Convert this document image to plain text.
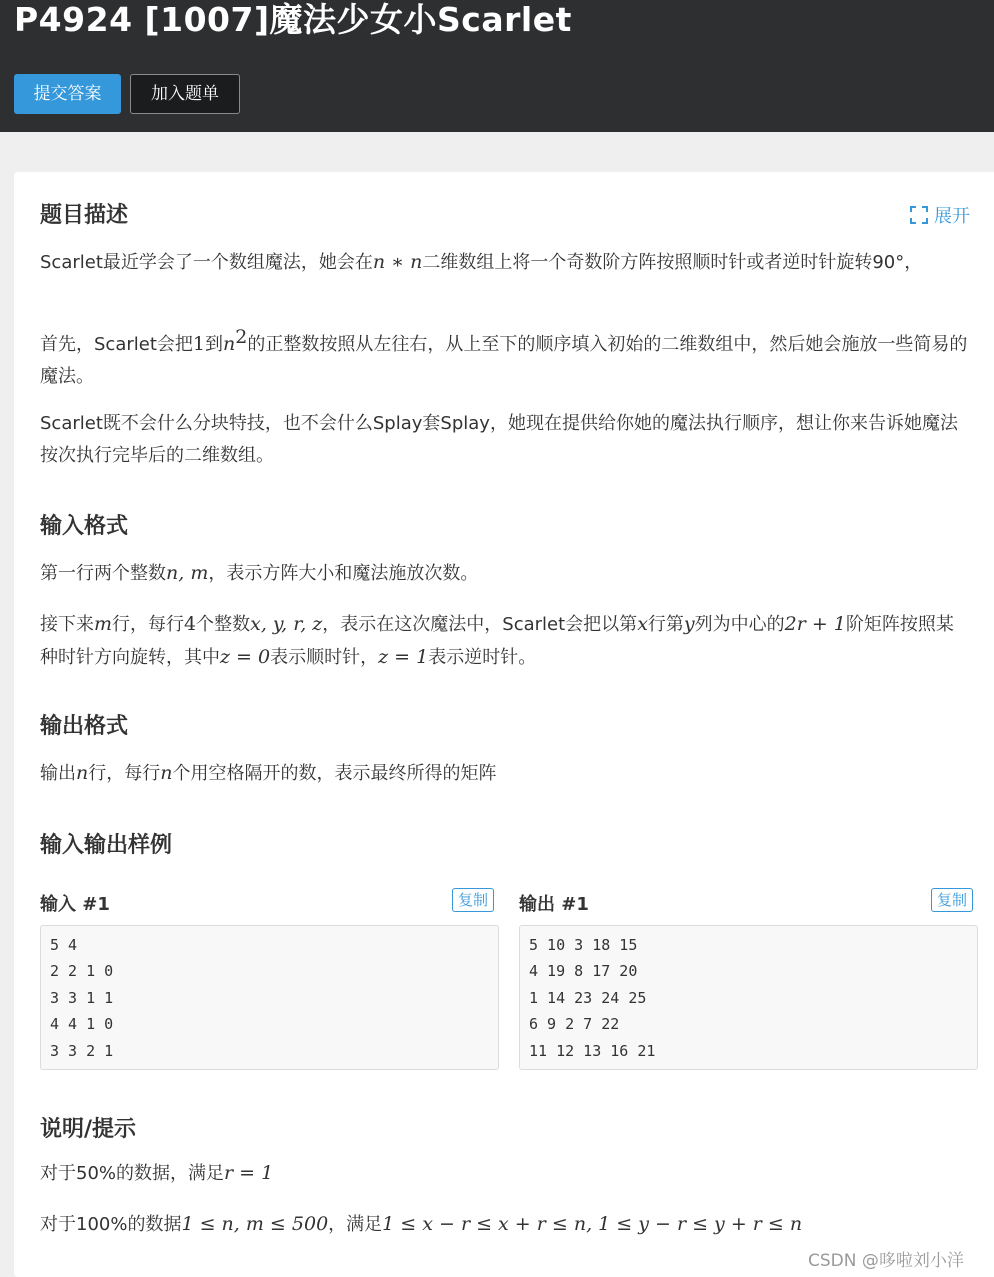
P4924 [1007]魔法少女小Scarlet
提交答案	加入题单
题目描述	展开
Scarlet最近学会了一个数组魔法，她会在n ∗ n二维数组上将一个奇数阶方阵按照顺时针或者逆时针旋转90°，
首先，Scarlet会把1到$n^2$的正整数按照从左往右，从上至下的顺序填入初始的二维数组中，然后她会施放一些简易的魔法。
Scarlet既不会什么分块特技，也不会什么Splay套Splay，她现在提供给你她的魔法执行顺序，想让你来告诉她魔法按次执行完毕后的二维数组。
输入格式
第一行两个整数n, m，表示方阵大小和魔法施放次数。
接下来m行，每行4个整数x, y, r, z，表示在这次魔法中，Scarlet会把以第x行第y列为中心的2r + 1阶矩阵按照某种时针方向旋转，其中z = 0表示顺时针，z = 1表示逆时针。
输出格式
输出n行，每行n个用空格隔开的数，表示最终所得的矩阵
输入输出样例
输入 #1	复制
5 4
2 2 1 0
3 3 1 1
4 4 1 0
3 3 2 1
输出 #1	复制
5 10 3 18 15
4 19 8 17 20
1 14 23 24 25
6 9 2 7 22
11 12 13 16 21
说明/提示
对于50%的数据，满足r = 1
对于100%的数据1 ≤ n, m ≤ 500，满足1 ≤ x − r ≤ x + r ≤ n, 1 ≤ y − r ≤ y + r ≤ n
CSDN @哆啦刘小洋
